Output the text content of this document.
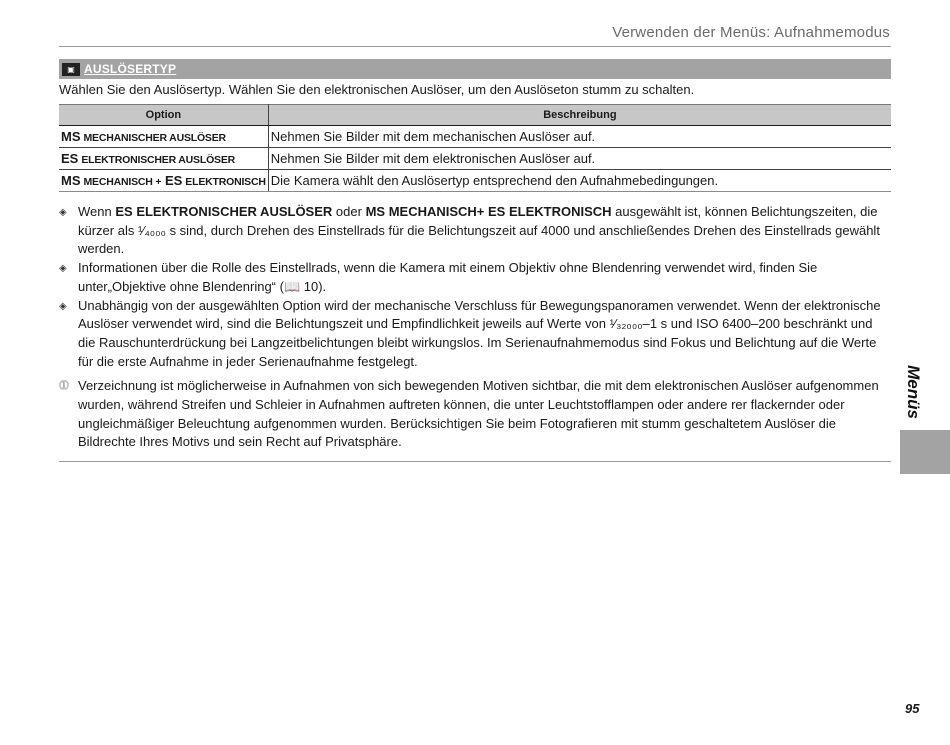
Verwenden der Menüs: Aufnahmemodus
▣ AUSLÖSERTYP
Wählen Sie den Auslösertyp. Wählen Sie den elektronischen Auslöser, um den Auslöseton stumm zu schalten.
Option	Beschreibung
MS MECHANISCHER AUSLÖSER	Nehmen Sie Bilder mit dem mechanischen Auslöser auf.
ES ELEKTRONISCHER AUSLÖSER	Nehmen Sie Bilder mit dem elektronischen Auslöser auf.
MS MECHANISCH + ES ELEKTRONISCH	Die Kamera wählt den Auslösertyp entsprechend den Aufnahmebedingungen.
◈ Wenn ES ELEKTRONISCHER AUSLÖSER oder MS MECHANISCH+ ES ELEKTRONISCH ausgewählt ist, können Belichtungszeiten, die kürzer als ¹⁄₄₀₀₀ s sind, durch Drehen des Einstellrads für die Belichtungszeit auf 4000 und anschließendes Drehen des Einstellrads gewählt werden.
◈ Informationen über die Rolle des Einstellrads, wenn die Kamera mit einem Objektiv ohne Blendenring verwendet wird, finden Sie unter„Objektive ohne Blendenring“ (📖 10).
◈ Unabhängig von der ausgewählten Option wird der mechanische Verschluss für Bewegungspanoramen verwendet. Wenn der elektronische Auslöser verwendet wird, sind die Belichtungszeit und Empfindlichkeit jeweils auf Werte von ¹⁄₃₂₀₀₀–1 s und ISO 6400–200 beschränkt und die Rauschunterdrückung bei Langzeitbelichtungen bleibt wirkungslos. Im Serienaufnahmemodus sind Fokus und Belichtung auf die Werte für die erste Aufnahme in jeder Serienaufnahme festgelegt.
⓵ Verzeichnung ist möglicherweise in Aufnahmen von sich bewegenden Motiven sichtbar, die mit dem elektronischen Auslöser aufgenommen wurden, während Streifen und Schleier in Aufnahmen auftreten können, die unter Leuchtstofflampen oder andere rer flackernder oder ungleichmäßiger Beleuchtung aufgenommen wurden. Berücksichtigen Sie beim Fotografieren mit stumm geschaltetem Auslöser die Bildrechte Ihres Motivs und sein Recht auf Privatsphäre.
Menüs
95
